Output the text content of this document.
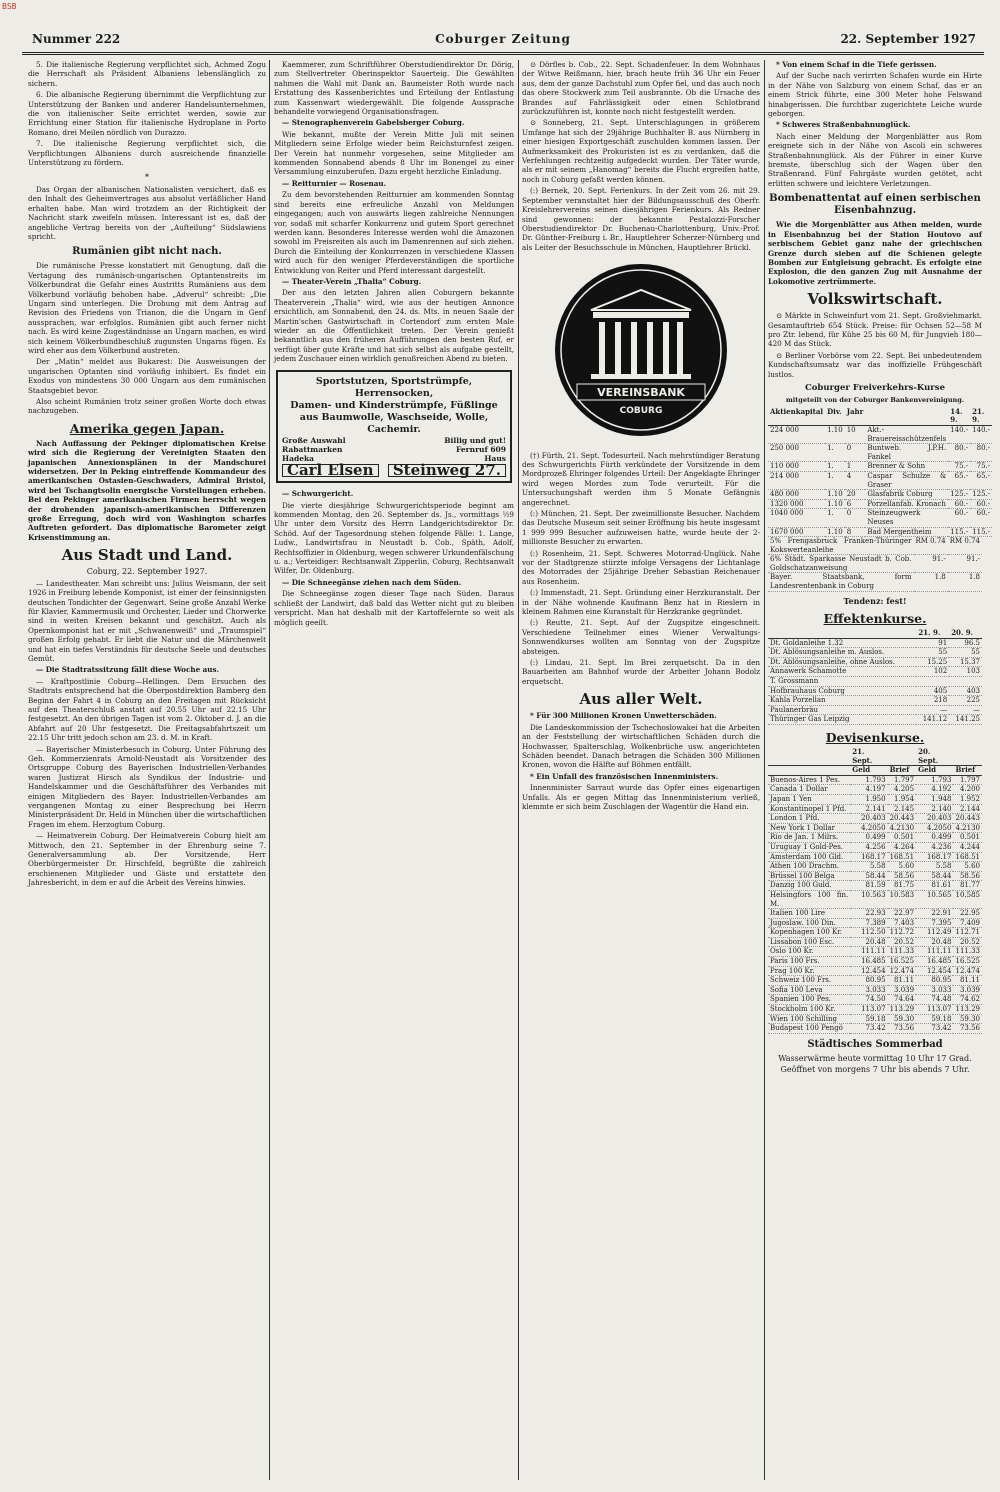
BSB
Coburger Zeitung
Nummer 222	22. September 1927

5. Die italienische Regierung verpflichtet sich, Achmed Zogu die Herrschaft als Präsident Albaniens lebenslänglich zu sichern.

6. Die albanische Regierung übernimmt die Verpflichtung zur Unterstützung der Banken und anderer Handelsunternehmen, die von italienischer Seite errichtet werden, sowie zur Errichtung einer Station für italienische Hydroplane in Porto Romano, drei Meilen nördlich von Durazzo.

7. Die italienische Regierung verpflichtet sich, die Verpflichtungen Albaniens durch ausreichende finanzielle Unterstützung zu fördern.

*

Das Organ der albanischen Nationalisten versichert, daß es den Inhalt des Geheimvertrages aus absolut verläßlicher Hand erhalten habe. Man wird trotzdem an der Richtigkeit der Nachricht stark zweifeln müssen. Interessant ist es, daß der angebliche Vertrag bereits von der „Aufteilung“ Südslawiens spricht.

Rumänien gibt nicht nach.

Die rumänische Presse konstatiert mit Genugtung, daß die Vertagung des rumänisch-ungarischen Optantenstreits im Völkerbundrat die Gefahr eines Austritts Rumäniens aus dem Völkerbund vorläufig behoben habe. „Adverul“ schreibt: „Die Ungarn sind unterlegen. Die Drohung mit dem Antrag auf Revision des Friedens von Trianon, die die Ungarn in Genf aussprachen, war erfolglos. Rumänien gibt auch ferner nicht nach. Es wird keine Zugeständnisse an Ungarn machen, es wird sich keinem Völkerbundbeschluß zugunsten Ungarns fügen. Es wird eher aus dem Völkerbund austreten.

Der „Matin“ meldet aus Bukarest: Die Ausweisungen der ungarischen Optanten sind vorläufig inhibiert. Es findet ein Exodus von mindestens 30 000 Ungarn aus dem rumänischen Staatsgebiet bevor.

Also scheint Rumänien trotz seiner großen Worte doch etwas nachzugeben.

Amerika gegen Japan.

Nach Auffassung der Pekinger diplomatischen Kreise wird sich die Regierung der Vereinigten Staaten den japanischen Annexionsplänen in der Mandschurei widersetzen. Der in Peking eintreffende Kommandeur des amerikanischen Ostasien-Geschwaders, Admiral Bristol, wird bei Tschangtsolin energische Vorstellungen erheben. Bei den Pekinger amerikanischen Firmen herrscht wegen der drohenden japanisch-amerikanischen Differenzen große Erregung, doch wird von Washington scharfes Auftreten gefordert. Das diplomatische Barometer zeigt Krisenstimmung an.

Aus Stadt und Land.
Coburg, 22. September 1927.

— Landestheater. Man schreibt uns: Julius Weismann, der seit 1926 in Freiburg lebende Komponist, ist einer der feinsinnigsten deutschen Tondichter der Gegenwart. Seine große Anzahl Werke für Klavier, Kammermusik und Orchester, Lieder und Chorwerke sind in weiten Kreisen bekannt und geschätzt. Auch als Opernkomponist hat er mit „Schwanenweiß“ und „Traumspiel“ großen Erfolg gehabt. Er liebt die Natur und die Märchenwelt und hat ein tiefes Verständnis für deutsche Seele und deutsches Gemüt.

— Die Stadtratssitzung fällt diese Woche aus.

— Kraftpostlinie Coburg—Hellingen. Dem Ersuchen des Stadtrats entsprechend hat die Oberpostdirektion Bamberg den Beginn der Fahrt 4 in Coburg an den Freitagen mit Rücksicht auf den Theaterschluß anstatt auf 20.55 Uhr auf 22.15 Uhr festgesetzt. An den übrigen Tagen ist vom 2. Oktober d. J. an die Abfahrt auf 20 Uhr festgesetzt. Die Freitagsabfahrtszeit um 22.15 Uhr tritt jedoch schon am 23. d. M. in Kraft.

— Bayerischer Ministerbesuch in Coburg. Unter Führung des Geh. Kommerzienrats Arnold-Neustadt als Vorsitzender des Ortsgruppe Coburg des Bayerischen Industriellen-Verbandes waren Justizrat Hirsch als Syndikus der Industrie- und Handelskammer und die Geschäftsführer des Verbandes mit einigen Mitgliedern des Bayer. Industriellen-Verbandes am vergangenen Montag zu einer Besprechung bei Herrn Ministerpräsident Dr. Held in München über die wirtschaftlichen Fragen im ehem. Herzogtum Coburg.

— Heimatverein Coburg. Der Heimatverein Coburg hielt am Mittwoch, den 21. September in der Ehrenburg seine 7. Generalversammlung ab. Der Vorsitzende, Herr Oberbürgermeister Dr. Hirschfeld, begrüßte die zahlreich erschienenen Mitglieder und Gäste und erstattete den Jahresbericht, in dem er auf die Arbeit des Vereins hinwies.

Kaemmerer, zum Schriftführer Oberstudiendirektor Dr. Dörig, zum Stellvertreter Oberinspektor Sauerteig. Die Gewählten nahmen die Wahl mit Dank an. Baumeister Roth wurde nach Erstattung des Kassenberichtes und Erteilung der Entlastung zum Kassenwart wiedergewählt. Die folgende Aussprache behandelte vorwiegend Organisationsfragen.

— Stenographenverein Gabelsberger Coburg.

Wie bekannt, mußte der Verein Mitte Juli mit seinen Mitgliedern seine Erfolge wieder beim Reichsturnfest zeigen. Der Verein hat nunmehr vorgesehen, seine Mitglieder am kommenden Sonnabend abends 8 Uhr im Bonengel zu einer Versammlung einzuberufen. Dazu ergeht herzliche Einladung.

— Reitturnier — Rosenau.

Zu dem bevorstehenden Reitturnier am kommenden Sonntag sind bereits eine erfreuliche Anzahl von Meldungen eingegangen; auch von auswärts liegen zahlreiche Nennungen vor, sodaß mit scharfer Konkurrenz und gutem Sport gerechnet werden kann. Besonderes Interesse werden wohl die Amazonen sowohl im Preisreiten als auch im Damenrennen auf sich ziehen. Durch die Einteilung der Konkurrenzen in verschiedene Klassen wird auch für den weniger Pferdeverständigen die sportliche Entwicklung von Reiter und Pferd interessant dargestellt.

— Theater-Verein „Thalia“ Coburg.

Der aus den letzten Jahren allen Coburgern bekannte Theaterverein „Thalia“ wird, wie aus der heutigen Annonce ersichtlich, am Sonnabend, den 24. ds. Mts. in neuen Saale der Martin'schen Gastwirtschaft in Cortendorf zum ersten Male wieder an die Öffentlichkeit treten. Der Verein genießt bekanntlich aus den früheren Aufführungen den besten Ruf, er verfügt über gute Kräfte und hat sich selbst als aufgabe gestellt, jedem Zuschauer einen wirklich genußreichen Abend zu bieten.

Sportstutzen, Sportstrümpfe, Herrensocken,
Damen- und Kinderstrümpfe, Füßlinge
aus Baumwolle, Waschseide, Wolle, Cachemir.
Große Auswahl	Billig und gut!
Rabattmarken	Fernruf 609
Hadeka	Haus
Carl Elsen	Steinweg 27.

— Schwurgericht.

Die vierte diesjährige Schwurgerichtsperiode beginnt am kommenden Montag, den 26. September ds. Js., vormittags ½9 Uhr unter dem Vorsitz des Herrn Landgerichtsdirektor Dr. Schöd. Auf der Tagesordnung stehen folgende Fälle: 1. Lange, Ludw., Landwirtsfrau in Neustadt b. Cob., Späth, Adolf, Rechtsoffizier in Oldenburg, wegen schwerer Urkundenfälschung u. a.; Verteidiger: Rechtsanwalt Zipperlin, Coburg, Rechtsanwalt Wilfer, Dr. Oldenburg.

— Die Schneegänse ziehen nach dem Süden.

Die Schneegänse zogen dieser Tage nach Süden. Daraus schließt der Landwirt, daß bald das Wetter nicht gut zu bleiben verspricht. Man hat deshalb mit der Kartoffelernte so weit als möglich geeilt.

⊙ Dörfles b. Cob., 22. Sept. Schadenfeuer. In dem Wohnhaus der Witwe Reißmann, hier, brach heute früh 3⁄6 Uhr ein Feuer aus, dem der ganze Dachstuhl zum Opfer fiel, und das auch noch das obere Stockwerk zum Teil ausbrannte. Ob die Ursache des Brandes auf Fahrlässigkeit oder einen Schlotbrand zurückzuführen ist, konnte noch nicht festgestellt werden.

⊙ Sonneberg, 21. Sept. Unterschlagungen in größerem Umfange hat sich der 29jährige Buchhalter B. aus Nürnberg in einer hiesigen Exportgeschäft zuschulden kommen lassen. Der Aufmerksamkeit des Prokuristen ist es zu verdanken, daß die Verfehlungen rechtzeitig aufgedeckt wurden. Der Täter wurde, als er mit seinem „Hanomag“ bereits die Flucht ergreifen hatte, noch in Coburg gefaßt werden können.

(:) Bernek, 20. Sept. Ferienkurs. In der Zeit vom 26. mit 29. September veranstaltet hier der Bildungsausschuß des Oberfr. Kreislehrervereins seinen diesjährigen Ferienkurs. Als Redner sind gewonnen: der bekannte Pestalozzi-Forscher Oberstudiendirektor Dr. Buchenau-Charlottenburg, Univ.-Prof. Dr. Günther-Freiburg i. Br., Hauptlehrer Scherzer-Nürnberg und als Leiter der Besuchsschule in München, Hauptlehrer Brückl.

VEREINSBANK
COBURG

(†) Fürth, 21. Sept. Todesurteil. Nach mehrstündiger Beratung des Schwurgerichts Fürth verkündete der Vorsitzende in dem Mordprozeß Ehringer folgendes Urteil: Der Angeklagte Ehringer wird wegen Mordes zum Tode verurteilt. Für die Untersuchungshaft werden ihm 5 Monate Gefängnis angerechnet.

(:) München, 21. Sept. Der zweimillionste Besucher. Nachdem das Deutsche Museum seit seiner Eröffnung bis heute insgesamt 1 999 999 Besucher aufzuweisen hatte, wurde heute der 2-millionste Besucher zu erwarten.

(:) Rosenheim, 21. Sept. Schweres Motorrad-Unglück. Nahe vor der Stadtgrenze stürzte infolge Versagens der Lichtanlage des Motorrades der 25jährige Dreher Sebastian Reichenauer aus Rosenheim.

(:) Immenstadt, 21. Sept. Gründung einer Herzkuranstalt. Der in der Nähe wohnende Kaufmann Benz hat in Rieslern in kleinem Rahmen eine Kuranstalt für Herzkranke gegründet.

(:) Reutte, 21. Sept. Auf der Zugspitze eingeschneit. Verschiedene Teilnehmer eines Wiener Verwaltungs-Sonnwendkurses wollten am Sonntag von der Zugspitze absteigen.

(:) Lindau, 21. Sept. Im Brei zerquetscht. Da in den Bauarbeiten am Bahnhof wurde der Arbeiter Johann Bodolz erquetscht.

Aus aller Welt.

* Für 300 Millionen Kronen Unwetterschäden.

Die Landeskommission der Tschechoslowakei hat die Arbeiten an der Feststellung der wirtschaftlichen Schäden durch die Hochwasser, Spalterschlag, Wolkenbrüche usw. angerichteten Schäden beendet. Danach betragen die Schäden 300 Millionen Kronen, wovon die Hälfte auf Böhmen entfällt.

* Ein Unfall des französischen Innenministers.

Innenminister Sarraut wurde das Opfer eines eigenartigen Unfalls. Als er gegen Mittag das Innenministerium verließ, klemmte er sich beim Zuschlagen der Wagentür die Hand ein.

* Von einem Schaf in die Tiefe gerissen.

Auf der Suche nach verirrten Schafen wurde ein Hirte in der Nähe von Salzburg von einem Schaf, das er an einem Strick führte, eine 300 Meter hohe Felswand hinabgerissen. Die furchtbar zugerichtete Leiche wurde geborgen.

* Schweres Straßenbahnunglück.

Nach einer Meldung der Morgenblätter aus Rom ereignete sich in der Nähe von Ascoli ein schweres Straßenbahnunglück. Als der Führer in einer Kurve bremste, überschlug sich der Wagen über den Straßenrand. Fünf Fahrgäste wurden getötet, acht erlitten schwere und leichtere Verletzungen.

Bombenattentat auf einen serbischen Eisenbahnzug.

Wie die Morgenblätter aus Athen melden, wurde in Eisenbahnzug bei der Station Houtovo auf serbischem Gebiet ganz nahe der griechischen Grenze durch sieben auf die Schienen gelegte Bomben zur Entgleisung gebracht. Es erfolgte eine Explosion, die den ganzen Zug mit Ausnahme der Lokomotive zertrümmerte.

Volkswirtschaft.

⊙ Märkte in Schweinfurt vom 21. Sept. Großviehmarkt. Gesamtauftrieb 654 Stück. Preise: für Ochsen 52—58 M pro Ztr. lebend, für Kühe 25 bis 60 M, für Jungvieh 180—420 M das Stück.

⊙ Berliner Vorbörse vom 22. Sept. Bei unbedeutendem Kundschaftsumsatz war das inoffizielle Frühgeschäft lustlos.

Coburger Freiverkehrs-Kurse
mitgeteilt von der Coburger Bankenvereinigung.
Aktienkapital	Div.	Jahr		14. 9.	21. 9.
224 000	1.10	10	Akt.-Brauereisschützenfels	140.-	140.-
250 000	1.	0	Buntweb. J.P.H. Fankel	80.-	80.-
110 000	1.	1	Brenner & Sohn	75.-	75.-
214 000	1.	4	Caspar Schulze & Graser	65.-	65.-
480 000	1.10	20	Glasfabrik Coburg	125.-	125.-
1320 000	1.10	6	Porzellanfab. Kronach	60.-	60.-
1040 000	1.	0	Steinzeugwerk Neuses	60.-	60.-
1670 000	1.10	8	Bad Mergentheim	115.-	115.-
5% Frengasbruck Franken-Thüringer Kokswerteanleihe	RM 0.74	RM 0.74
6% Städt. Sparkasse Neustadt b. Cob. Goldschatzanweisung	91.-	91.-
Bayer. Staatsbank, form Landesrentenbank in Coburg	1.8	1.8
Tendenz: fest!
Effektenkurse.
	21. 9.	20. 9.
Dt. Goldanleihe 1.32	91	96.5
Dt. Ablösungsanleihe m. Auslos.	55	55
Dt. Ablösungsanleihe, ohne Auslos.	15.25	15.37
Annawerk Schamotte	102	103
T. Grossmann		
Hofbrauhaus Coburg	405	403
Kahla Porzellan	218	225
Paulanerbräu	—	—
Thüringer Gas Leipzig	141.12	141.25
Devisenkurse.
	21. Sept.		20. Sept.	
	Geld	Brief	Geld	Brief
Buenos-Aires 1 Pes.	1.793	1.797	1.793	1.797
Canada 1 Dollar	4.197	4.205	4.192	4.200
Japan 1 Yen	1.950	1.954	1.948	1.952
Konstantinopel 1 Pfd.	2.141	2.145	2.140	2.144
London 1 Pfd.	20.403	20.443	20.403	20.443
New York 1 Dollar	4.2050	4.2130	4.2050	4.2130
Rio de Jan. 1 Milrs.	0.499	0.501	0.499	0.501
Uruguay 1 Gold-Pes.	4.256	4.264	4.236	4.244
Amsterdam 100 Gld.	168.17	168.51	168.17	168.51
Athen 100 Drachm.	5.58	5.60	5.58	5.60
Brüssel 100 Belga	58.44	58.56	58.44	58.56
Danzig 100 Guld.	81.59	81.75	81.61	81.77
Helsingfors 100 fin. M.	10.563	10.583	10.565	10.585
Italien 100 Lire	22.93	22.97	22.91	22.95
Jugoslaw. 100 Din.	7.389	7.403	7.395	7.409
Kopenhagen 100 Kr.	112.50	112.72	112.49	112.71
Lissabon 100 Esc.	20.48	20.52	20.48	20.52
Oslo 100 Kr.	111.11	111.33	111.11	111.33
Paris 100 Frs.	16.485	16.525	16.485	16.525
Prag 100 Kr.	12.454	12.474	12.454	12.474
Schweiz 100 Frs.	80.95	81.11	80.95	81.11
Sofia 100 Leva	3.033	3.039	3.033	3.039
Spanien 100 Pes.	74.50	74.64	74.48	74.62
Stockholm 100 Kr.	113.07	113.29	113.07	113.29
Wien 100 Schilling	59.18	59.30	59.18	59.30
Budapest 100 Pengö	73.42	73.56	73.42	73.56
Städtisches Sommerbad
Wasserwärme heute vormittag 10 Uhr 17 Grad.
Geöffnet von morgens 7 Uhr bis abends 7 Uhr.
